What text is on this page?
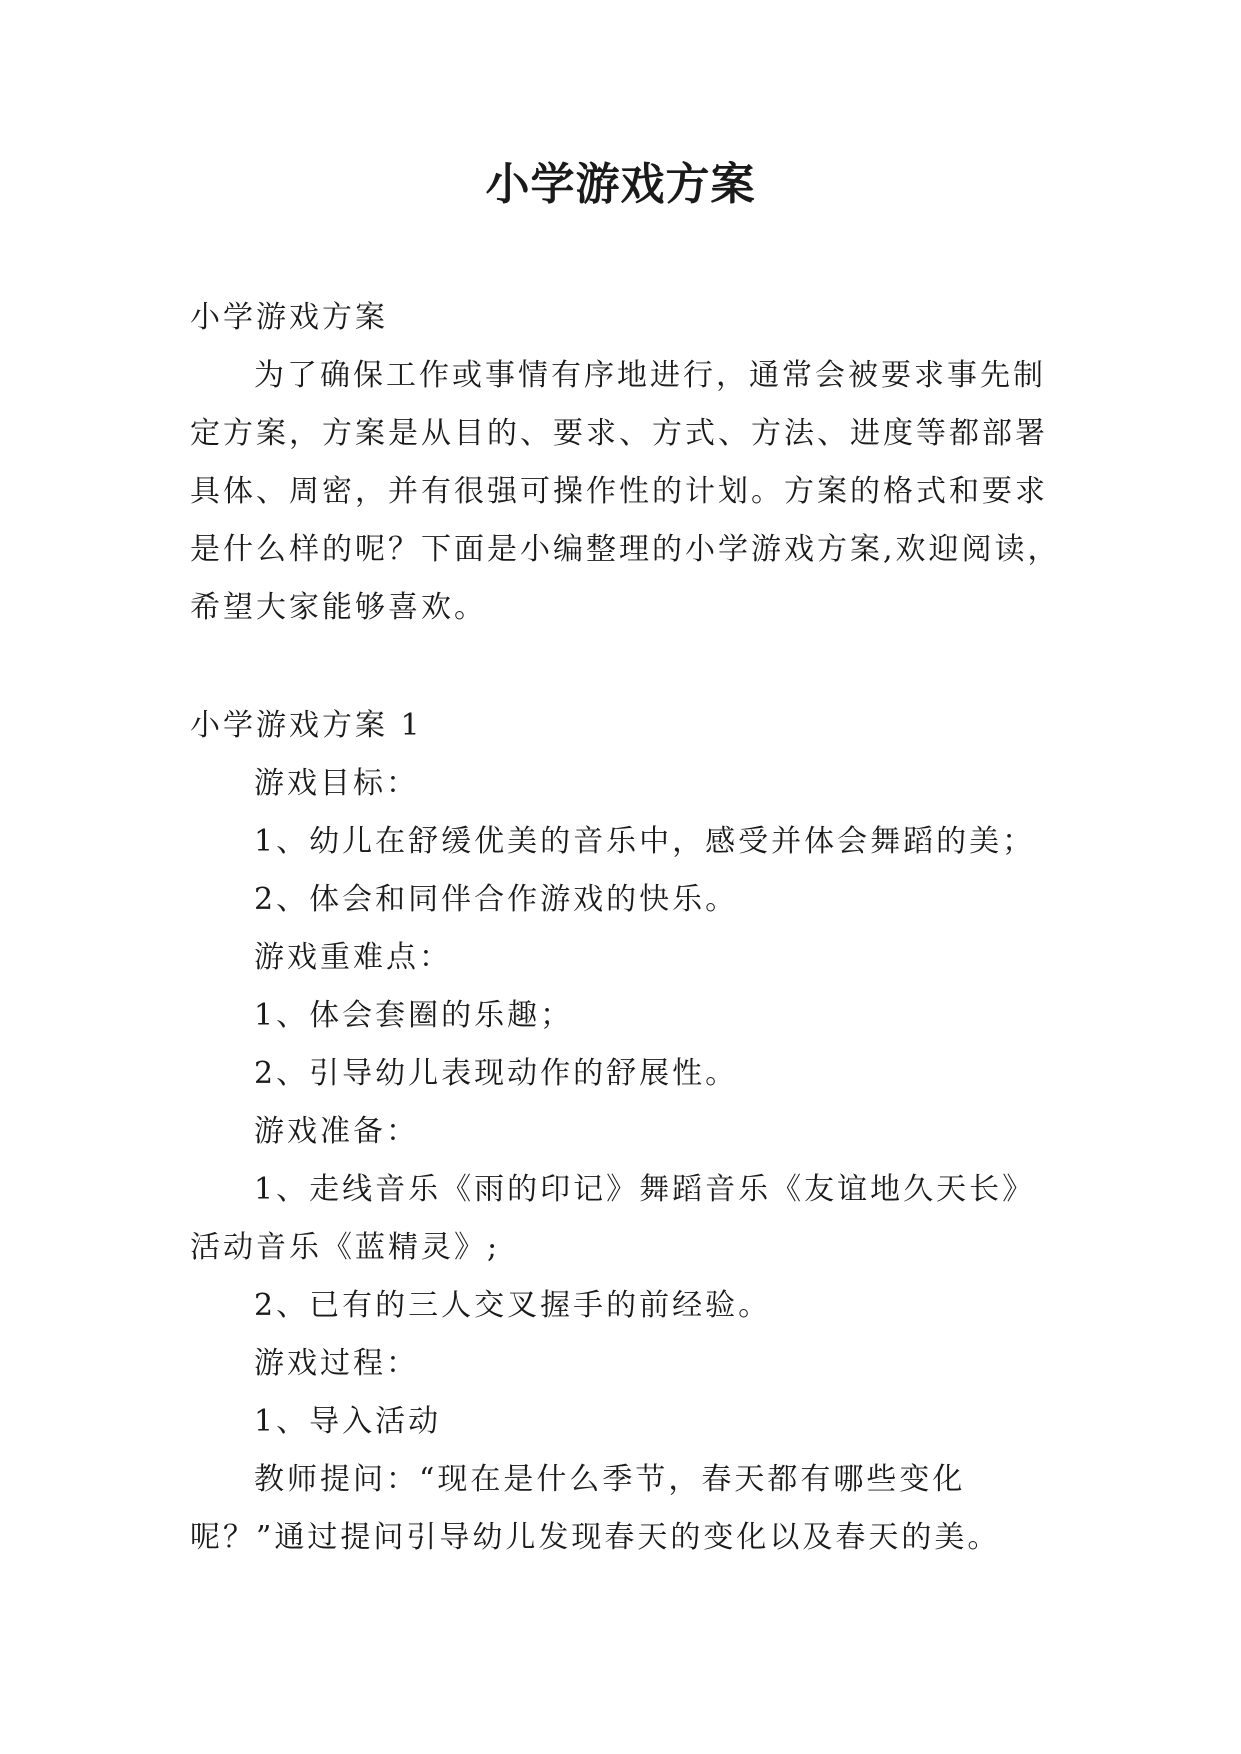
小学游戏方案

小学游戏方案

为了确保工作或事情有序地进行，通常会被要求事先制定方案，方案是从目的、要求、方式、方法、进度等都部署具体、周密，并有很强可操作性的计划。方案的格式和要求是什么样的呢？下面是小编整理的小学游戏方案,欢迎阅读，希望大家能够喜欢。

小学游戏方案 1
游戏目标：
1、幼儿在舒缓优美的音乐中，感受并体会舞蹈的美；
2、体会和同伴合作游戏的快乐。
游戏重难点：
1、体会套圈的乐趣；
2、引导幼儿表现动作的舒展性。
游戏准备：
1、走线音乐《雨的印记》舞蹈音乐《友谊地久天长》活动音乐《蓝精灵》;
2、已有的三人交叉握手的前经验。
游戏过程：
1、导入活动
教师提问：“现在是什么季节，春天都有哪些变化呢？”通过提问引导幼儿发现春天的变化以及春天的美。
